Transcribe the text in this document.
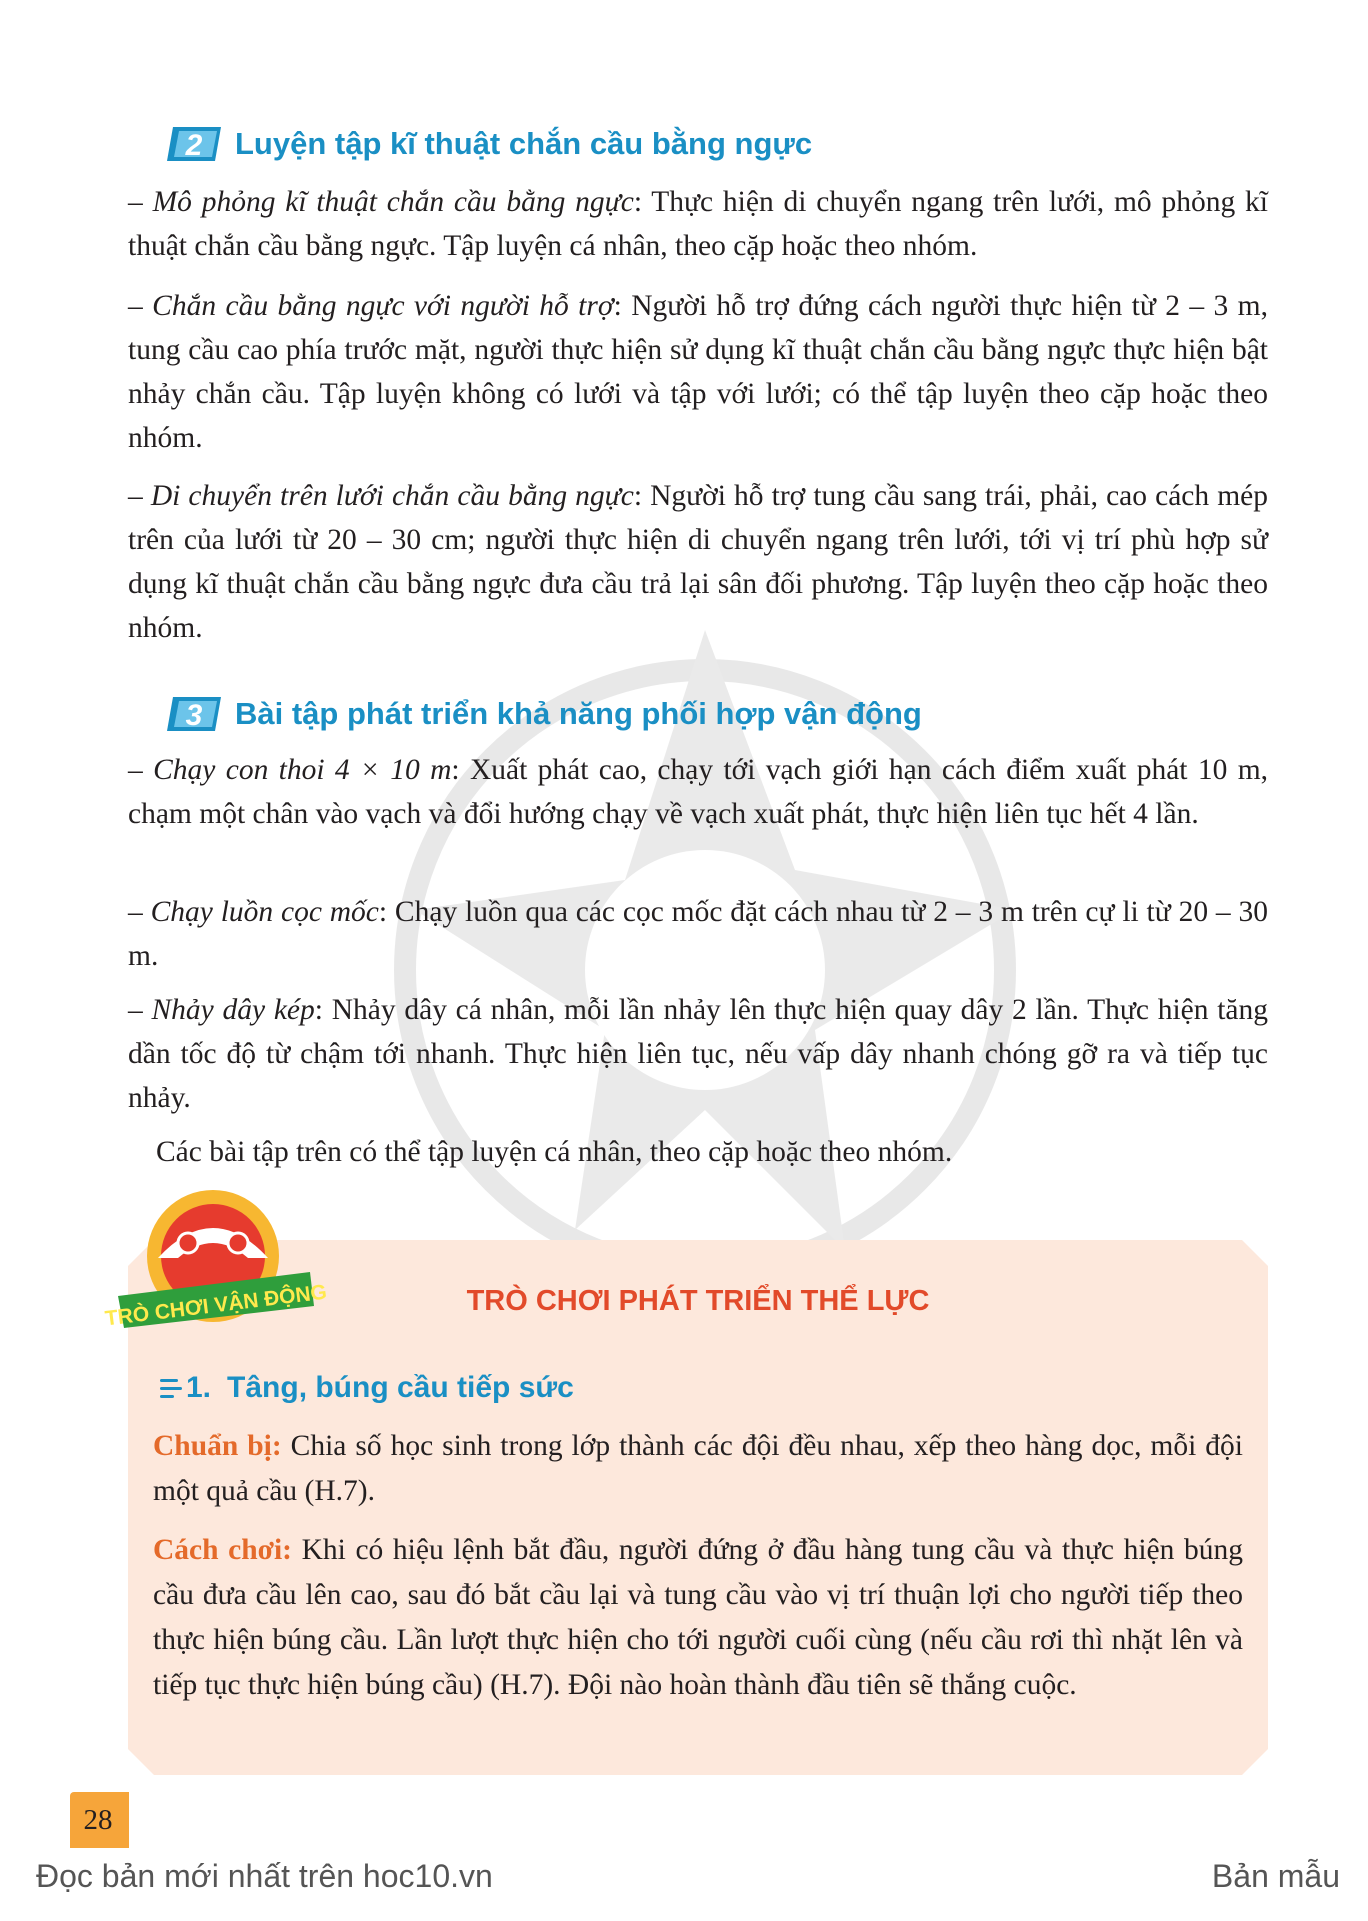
2 Luyện tập kĩ thuật chắn cầu bằng ngực

– Mô phỏng kĩ thuật chắn cầu bằng ngực: Thực hiện di chuyển ngang trên lưới, mô phỏng kĩ thuật chắn cầu bằng ngực. Tập luyện cá nhân, theo cặp hoặc theo nhóm.

– Chắn cầu bằng ngực với người hỗ trợ: Người hỗ trợ đứng cách người thực hiện từ 2 – 3 m, tung cầu cao phía trước mặt, người thực hiện sử dụng kĩ thuật chắn cầu bằng ngực thực hiện bật nhảy chắn cầu. Tập luyện không có lưới và tập với lưới; có thể tập luyện theo cặp hoặc theo nhóm.

– Di chuyển trên lưới chắn cầu bằng ngực: Người hỗ trợ tung cầu sang trái, phải, cao cách mép trên của lưới từ 20 – 30 cm; người thực hiện di chuyển ngang trên lưới, tới vị trí phù hợp sử dụng kĩ thuật chắn cầu bằng ngực đưa cầu trả lại sân đối phương. Tập luyện theo cặp hoặc theo nhóm.

3 Bài tập phát triển khả năng phối hợp vận động

– Chạy con thoi 4 × 10 m: Xuất phát cao, chạy tới vạch giới hạn cách điểm xuất phát 10 m, chạm một chân vào vạch và đổi hướng chạy về vạch xuất phát, thực hiện liên tục hết 4 lần.

– Chạy luồn cọc mốc: Chạy luồn qua các cọc mốc đặt cách nhau từ 2 – 3 m trên cự li từ 20 – 30 m.

– Nhảy dây kép: Nhảy dây cá nhân, mỗi lần nhảy lên thực hiện quay dây 2 lần. Thực hiện tăng dần tốc độ từ chậm tới nhanh. Thực hiện liên tục, nếu vấp dây nhanh chóng gỡ ra và tiếp tục nhảy.

Các bài tập trên có thể tập luyện cá nhân, theo cặp hoặc theo nhóm.

TRÒ CHƠI VẬN ĐỘNG	TRÒ CHƠI PHÁT TRIỂN THỂ LỰC
1. Tâng, búng cầu tiếp sức

Chuẩn bị: Chia số học sinh trong lớp thành các đội đều nhau, xếp theo hàng dọc, mỗi đội một quả cầu (H.7).

Cách chơi: Khi có hiệu lệnh bắt đầu, người đứng ở đầu hàng tung cầu và thực hiện búng cầu đưa cầu lên cao, sau đó bắt cầu lại và tung cầu vào vị trí thuận lợi cho người tiếp theo thực hiện búng cầu. Lần lượt thực hiện cho tới người cuối cùng (nếu cầu rơi thì nhặt lên và tiếp tục thực hiện búng cầu) (H.7). Đội nào hoàn thành đầu tiên sẽ thắng cuộc.

28
Đọc bản mới nhất trên hoc10.vn	Bản mẫu
